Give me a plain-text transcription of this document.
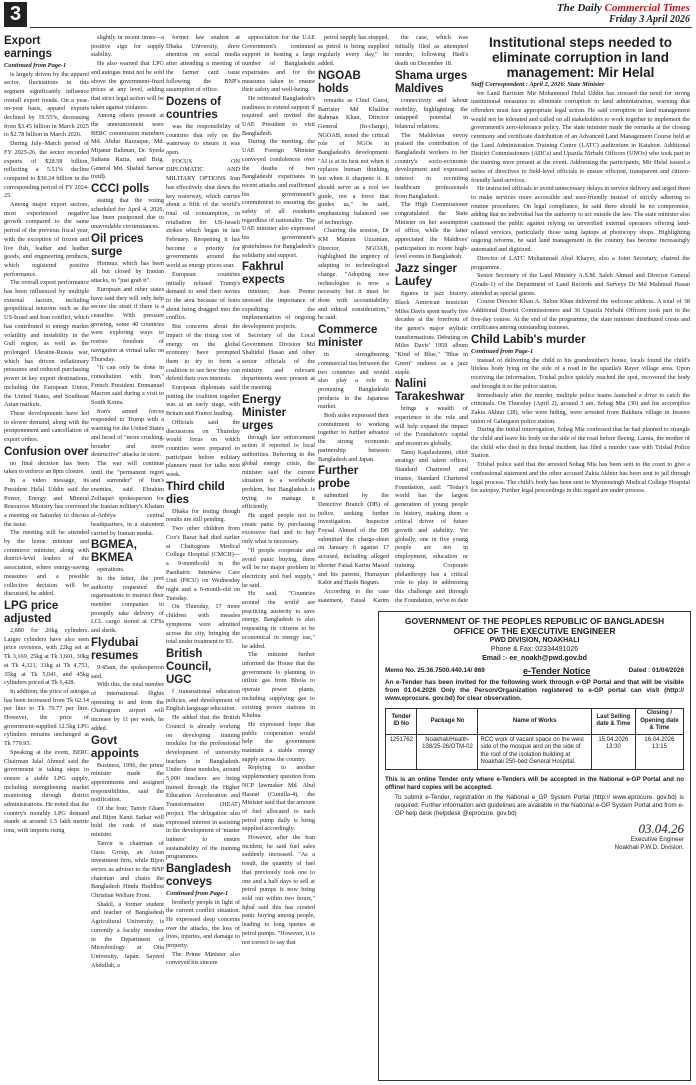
3	The Daily Commercial Times
Friday 3 April 2026
Export earnings
Continued from Page-1

is largely driven by the apparel sector, fluctuations in this segment significantly influence overall export trends. On a year-on-year basis, apparel exports declined by 19.55%, decreasing from $3.45 billion in March 2025 to $2.78 billion in March 2026.

During July–March period of FY 2025-26, the sector recorded exports of $28.58 billion, reflecting a 5.51% decline compared to $30.24 billion in the corresponding period of FY 2024-25.

Among major export sectors, most experienced negative growth compared to the same period of the previous fiscal year, with the exception of frozen and live fish, leather and leather goods, and engineering products, which registered positive performance.

The overall export performance has been influenced by multiple external factors, including geopolitical tensions such as the US-Israel and Iran conflict, which has contributed to energy market volatility and instability in the Gulf region, as well as the prolonged Ukraine-Russia war, which has driven inflationary pressures and reduced purchasing power in key export destinations, including the European Union, the United States, and Southeast Asian markets.

These developments have led to slower demand, along with the postponement and cancellation of export orders.

Confusion over

no final decision has been taken to enforce an 8pm closure.

In a video message, its President Helal Uddin said the Power, Energy and Mineral Resources Ministry has convened a meeting on Saturday to discuss the issue.

The meeting will be attended by the home minister and commerce minister, along with district-level leaders of the association, where energy-saving measures and a possible collective decision will be discussed, he added.

LPG price adjusted

2,880 for 20kg cylinders. Larger cylinders have also seen price revisions, with 22kg set at Tk 3,169, 25kg at Tk 3,601, 30kg at Tk 4,321, 33kg at Tk 4,753, 35kg at Tk 5,041, and 45kg cylinders priced at Tk 6,428.

In addition, the price of autogas has been increased from Tk 62.14 per liter to Tk 79.77 per litre. However, the price of government-supplied 12.5kg LPG cylinders remains unchanged at Tk 779.95.

Speaking at the event, BERC Chairman Jalal Ahmed said the government is taking steps to ensure a stable LPG supply, including strengthening market monitoring through district administrations. He noted that the country's monthly LPG demand stands at around 1.5 lakh metric tons, with imports rising

slightly in recent times—a positive sign for supply stability.

He also warned that LPG and autogas must not be sold above the government-fixed prices at any level, adding that strict legal action will be taken against violators.

Among others present at the announcement were BERC commission members Md. Abdur Razzaque, Md. Mijanur Rahman, Dr. Syeda Sultana Razia, and Brig. General Md. Shahid Sarwar (retd).

CCCI polls

stating that the voting scheduled for April 4, 2026, has been postponed due to unavoidable circumstances.

Oil prices surge

Hormuz, which has been all but closed by Iranian attacks, to "just grab it".

European and other states have said they will only help secure the strait if there is a ceasefire. With pressure growing, some 40 countries were exploring ways to restore freedom of navigation at virtual talks on Thursday.

"It can only be done in consultation with Iran," French President Emmanuel Macron said during a visit to South Korea.

Iran's armed forces responded to Trump with a warning for the United States and Israel of "more crushing, broader and more destructive" attacks in store.

The war will continue until the "permanent regret and surrender" of Iran's enemies, said Ebrahim Zolfaqari spokesperson for the Iranian military's Khatam al-Anbiya central headquarters, in a statement carried by Iranian media.

BGMEA, BKMEA

operations.

In the letter, the port authority requested the organisations to instruct their member companies to promptly take delivery of LCL cargo stored at CFSs and sheds.

Flydubai resumes

9:45am, the spokesperson said.

With this, the total number of international flights operating to and from the Chattogram airport will increase by 11 per week, he added.

Govt appoints

Business, 1996, the prime minister made the appointments and assigned responsibilities, said the notification.

Of the four, Tanvir Ghani and Bijon Kanti Sarkar will hold the rank of state minister.

Tanvir is chairman of Oasis Group, an Asian investment firm, while Bijon serves as adviser to the BNP chairman and chairs the Bangladesh Hindu Buddhist Christian Welfare Front.

Shakil, a former student and teacher of Bangladesh Agricultural University, is currently a faculty member in the Department of Microbiology at Oita University, Japan. Sayeed Abdullah, a

former law student at Dhaka University, drew attention on social media after attending a meeting of the farmer card issue following the BNP's assumption of office.

Dozens of countries

was the responsibility of countries that rely on the waterway to ensure it was open.

FOCUS ON DIPLOMATIC AND MILITARY OPTIONS Iran has effectively shut down the key waterway, which carries about a fifth of the world's total oil consumption, in retaliation for US-Israeli strikes which began in late February. Reopening it has become a priority for governments around the world as energy prices soar.

European countries initially refused Trump's demand to send their navies to the area because of fears about being dragged into the conflict.

But concerns about the impact of the rising cost of energy on the global economy have prompted them to try to form a coalition to see how they can defend their own interests.

European diplomats said putting the coalition together was at an early stage, with Britain and France leading.

Officials said the discussions on Thursday would focus on which countries were prepared to participate before military planners meet for talks next week.

Third child dies

Dhaka for testing though results are still pending.

Two other children from Cox's Bazar had died earlier at Chattogram Medical College Hospital (CMCH)—a 9-month-old in the Paediatric Intensive Care Unit (PICU) on Wednesday night and a 6-month-old on Tuesday.

On Thursday, 17 more children with measles symptoms were admitted across the city, bringing the total under treatment to 93.

British Council, UGC

f transnational education policies, and development of English language education.

He added that the British Council is already working on developing training modules for the professional development of university teachers in Bangladesh. Under these modules, around 5,000 teachers are being trained through the Higher Education Acceleration and Transformation (HEAT) project. The delegation also expressed interest in assisting in the development of 'master trainers' to ensure sustainability of the training programmes.

Bangladesh conveys
Continued from Page-1

brotherly people in light of the current conflict situation. He expressed deep concerns over the attacks, the loss of lives, injuries, and damage to property.

The Prime Minister also conveyed his sincere

appreciation for the UAE Government's continued support in hosting a large number of Bangladeshi expatriates and for the measures taken to ensure their safety and well-being.

He reiterated Bangladesh's readiness to extend support if required and invited the UAE President to visit Bangladesh.

During the meeting, the UAE Foreign Minister conveyed condolences over the deaths of two Bangladeshi expatriates in recent attacks and reaffirmed his government's commitment to ensuring the safety of all residents regardless of nationality. The UAE minister also expressed his government's gratefulness for Bangladesh's solidarity and support.

Fakhrul expects

minister, Jean Pesme stressed the importance of expediting the implementation of ongoing development projects.

Secretary of the Local Government Division Md Shahidul Hasan and other senior officials of the ministry and relevant departments were present at the meeting.

Energy Minister urges

through law enforcement action if reported to local authorities. Referring to the global energy crisis, the minister said the current situation is a worldwide problem, but Bangladesh is trying to manage it efficiently.

He urged people not to create panic by purchasing excessive fuel and to buy only what is necessary.

"If people cooperate and avoid panic buying, there will be no major problem in electricity and fuel supply," he said.

He said, "Countries around the world are practicing austerity to save energy. Bangladesh is also requesting its citizens to be economical in energy use," he added.

The minister further informed the House that the government is planning to utilize gas from Bhola to operate power plants, including supplying gas to existing power stations in Khulna.

He expressed hope that public cooperation would help the government maintain a stable energy supply across the country.

Replying to another supplementary question from NCP lawmaker Md. Abul Hasnat (Cumilla-4), the Minister said that the amount of fuel allocated to each petrol pump daily is being supplied accordingly.

However, after the Iran incident, he said fuel sales suddenly increased. "As a result, the quantity of fuel that previously took one to one and a half days to sell at petrol pumps is now being sold out within two hours," Iqbal said this has created panic buying among people, leading to long queues at petrol pumps. "However, it is not correct to say that

petrol supply has stopped, as petrol is being supplied regularly every day," he added.

NGOAB holds

remarks as Chief Guest, Barrister Md Khalilur Rahman Khan, Director General (In-charge), NGOAB, noted the critical role of NGOs in Bangladesh's development. "AI is at its best not when it replaces human thinking, but when it sharpens it. It should serve as a tool we guide, not a force that guides us," he said, emphasizing balanced use of technology.

Chairing the session, Dr KM Mamun Uzzaman, Director, NGOAB, highlighted the urgency of adapting to technological change. "Adopting new technologies is now a necessity but it must be done with accountability and ethical consideration," he said.

Commerce minister

in strengthening commercial ties between the two countries and would also play a role in promoting Bangladeshi products in the Japanese market.

Both sides expressed their commitment to working together to further advance the strong economic partnership between Bangladesh and Japan.

Further probe

submitted by the Detective Branch (DB) of police, seeking further investigation. Inspector Foysal Ahmed of the DB submitted the charge-sheet on January 6 against 17 accused, including alleged shooter Faisal Karim Masud and his parents, Humayun Kabir and Hasbi Begum.

According to the case statement, Faisal Karim

the case, which was initially filed as attempted murder, following Hadi's death on December 18.

Shama urges Maldives

connectivity and labour mobility, highlighting the untapped potential in bilateral relations.

The Maldivian envoy praised the contribution of Bangladeshi workers to her country's socio-economic development and expressed interest in recruiting healthcare professionals from Bangladesh.

The High Commissioner congratulated the State Minister on her assumption of office, while the latter appreciated the Maldives' participation in recent high-level events in Bangladesh.

Jazz singer Laufey

figures in jazz history. Black American musician Miles Davis spent nearly five decades at the forefront of the genre's major stylistic transformations. Debuting on Miles Davis' 1959 album "Kind of Blue," "Blue in Green" endures as a jazz staple.

Nalini Tarakeshwar

brings a wealth of experience to the role and will help expand the impact of the Foundation's capital and resources globally.

Tanuj Kapilashrami, chief strategy and talent officer, Standard Chartered and trustee, Standard Chartered Foundation, said: "Today's world has the largest generation of young people in history, making them a critical driver of future growth and stability. Yet globally, one in five young people are not in employment, education or training. Corporate philanthropy has a critical role to play in addressing this challenge and through the Foundation, we've to date

Institutional steps needed to eliminate corruption in land management: Mir Helal
Staff Correspondent : April 2, 2026: State Minister

for Land Barrister Mir Mohammed Helal Uddin has stressed the need for strong institutional measures to eliminate corruption in land administration, warning that offenders must face appropriate legal action. He said corruption in land management would not be tolerated and called on all stakeholders to work together to implement the government's zero-tolerance policy. The state minister made the remarks at the closing ceremony and certificate distribution of an Advanced Land Management Course held at the Land Administration Training Centre (LATC) auditorium in Katabon. Additional District Commissioners (ADCs) and Upazila Nirbahi Officers (UNOs) who took part in the training were present at the event. Addressing the participants, Mir Helal issued a series of directives to field-level officials to ensure efficient, transparent and citizen-friendly land services.

He instructed officials to avoid unnecessary delays in service delivery and urged them to make services more accessible and user-friendly instead of strictly adhering to routine procedures. On legal compliance, he said there should be no compromise, adding that no individual has the authority to act outside the law. The state minister also cautioned the public against relying on unverified external operators offering land-related services, particularly those using laptops at photocopy shops. Highlighting ongoing reforms, he said land management in the country has become increasingly automated and digitized.

Director of LATC Mohammad Abul Khayer, also a Joint Secretary, chaired the programme.

Senior Secretary of the Land Ministry A.S.M. Saleh Ahmed and Director General (Grade-1) of the Department of Land Records and Surveys Dr Md Mahmud Hasan attended as special guests.

Course Director Khan A. Subur Khan delivered the welcome address. A total of 38 Additional District Commissioners and 36 Upazila Nirbahi Officers took part in the five-day course. At the end of the programme, the state minister distributed crests and certificates among outstanding trainees.

Child Labib's murder
Continued from Page-1

instead of delivering the child to his grandmother's house, locals found the child's lifeless body lying on the side of a road in the upazila's Rayer village area. Upon receiving the information, Trishal police quickly reached the spot, recovered the body and brought it to the police station.

Immediately after the murder, multiple police teams launched a drive to catch the criminals. On Thursday (April 2), around 3 am, Sohag Mia (30) and his accomplice Zakia Akhtar (28), who were hiding, were arrested from Bakhura village in Jessore union of Gafargaon police station.

During the initial interrogation, Sohag Mia confessed that he had planned to strangle the child and leave his body on the side of the road before fleeing. Lamia, the mother of the child who died in this brutal incident, has filed a murder case with Trishal Police Station.

Trishal police said that the arrested Sohag Mia has been sent to the court to give a confessional statement and the other accused Zakia Akhter has been sent to jail through legal process. The child's body has been sent to Mymensingh Medical College Hospital for autopsy. Further legal proceedings in this regard are under process.

GOVERNMENT OF THE PEOPLES REPUBLIC OF BANGLADESH
OFFICE OF THE EXECUTIVE ENGINEER
PWD DIVISION, NOAKHALI
Phone & Fax: 02334491026
Email :- ee_noakh@pwd.gov.bd
Memo No. 25.36.7500.440.14/ 869	e-Tender Notice	Dated : 01/04/2026
An e-Tender has been invited for the following work through e-GP Portal and that will be visible from 01.04.2026 Only the Person/Organization registered to e-GP portal can visit (http:// www.eprocure. gov.bd) for clear observation.
Tender ID No	Package No	Name of Works	Last Selling date & Time	Closing / Opening date & Time
1251762	Noakhali/Health-138/25-26/OTM-02	RCC work of vacant space on the west side of the mosque and on the side of the roof of the isolation building at Noakhali 250-bed General Hospital.	15.04.2026 13:30	16.04.2026 13:15
This is an online Tender only where e-Tenders will be accepted in the National e-GP Portal and no offline/ hard copies will be accepted.
To submit e-Tender, registration in the National e_GP System Portal (http:// www.eprocure. gov.bd) is required. Further information and guidelines are available in the National e-GP System Portal and from e-GP help desk (helpdesk @eprocure. gov.bd)
03.04.26
Executive Engineer
Noakhali P.W.D. Division.
